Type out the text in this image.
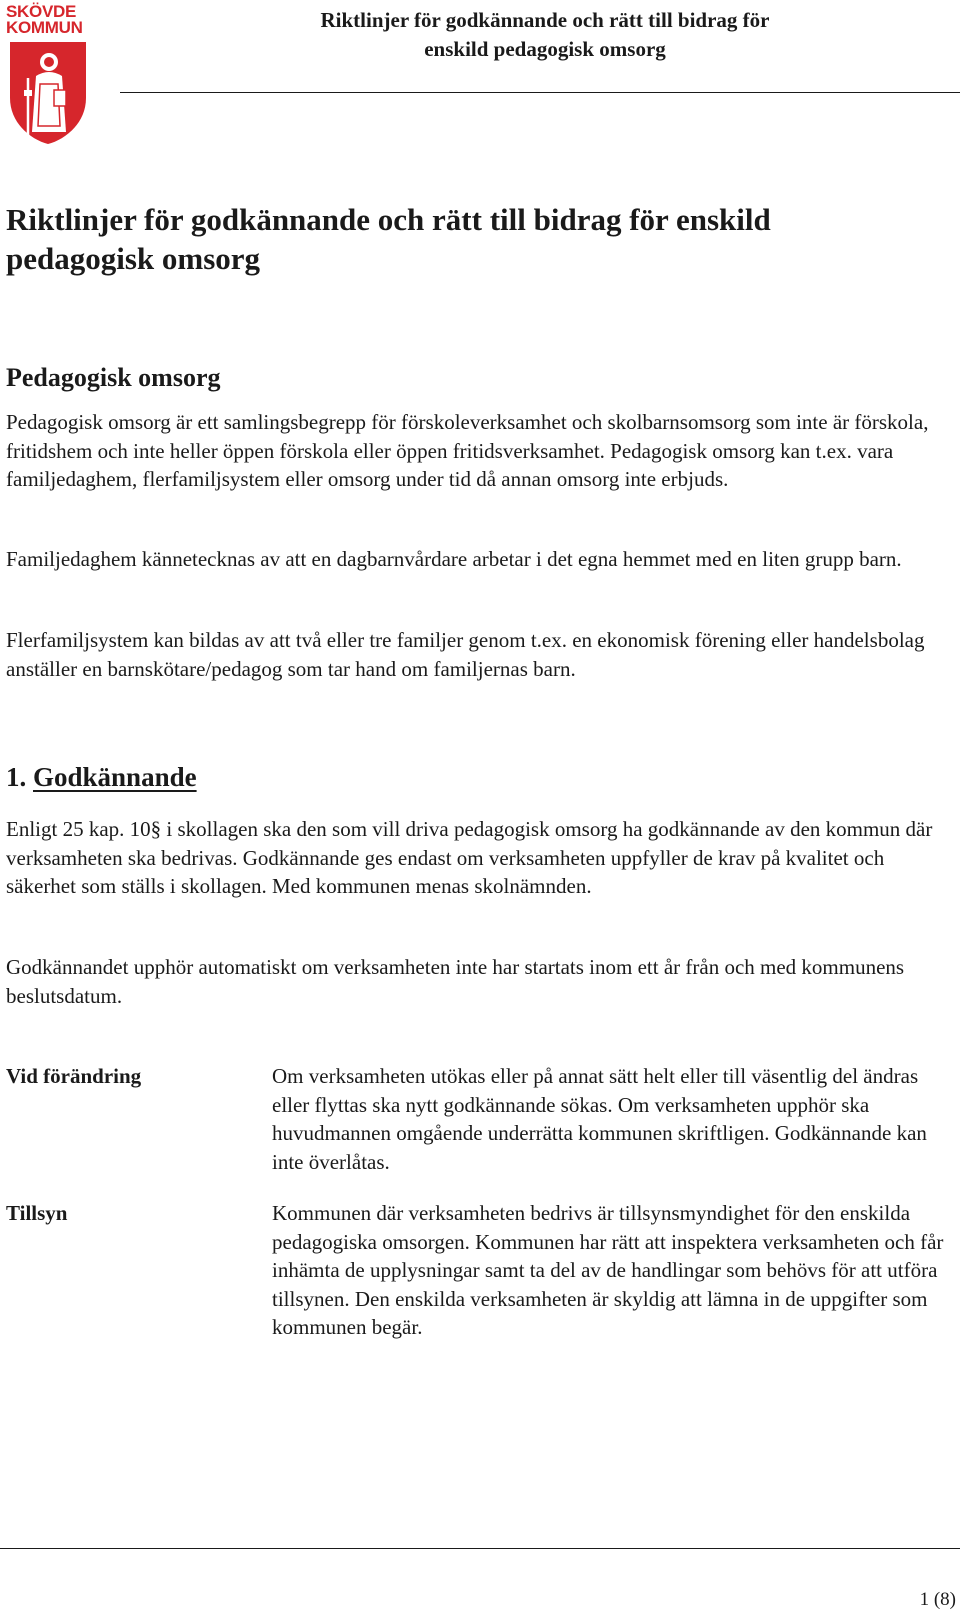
SKÖVDE
KOMMUN	Riktlinjer för godkännande och rätt till bidrag för
enskild pedagogisk omsorg
Riktlinjer för godkännande och rätt till bidrag för enskild pedagogisk omsorg
Pedagogisk omsorg

Pedagogisk omsorg är ett samlingsbegrepp för förskoleverksamhet och skolbarnsomsorg som inte är förskola, fritidshem och inte heller öppen förskola eller öppen fritidsverksamhet. Pedagogisk omsorg kan t.ex. vara familjedaghem, flerfamiljsystem eller omsorg under tid då annan omsorg inte erbjuds.

Familjedaghem kännetecknas av att en dagbarnvårdare arbetar i det egna hemmet med en liten grupp barn.

Flerfamiljsystem kan bildas av att två eller tre familjer genom t.ex. en ekonomisk förening eller handelsbolag anställer en barnskötare/pedagog som tar hand om familjernas barn.

1. Godkännande

Enligt 25 kap. 10§ i skollagen ska den som vill driva pedagogisk omsorg ha godkännande av den kommun där verksamheten ska bedrivas. Godkännande ges endast om verksamheten uppfyller de krav på kvalitet och säkerhet som ställs i skollagen. Med kommunen menas skolnämnden.

Godkännandet upphör automatiskt om verksamheten inte har startats inom ett år från och med kommunens beslutsdatum.

Vid förändring	Om verksamheten utökas eller på annat sätt helt eller till väsentlig del ändras eller flyttas ska nytt godkännande sökas. Om verksamheten upphör ska huvudmannen omgående underrätta kommunen skriftligen. Godkännande kan inte överlåtas.

Tillsyn	Kommunen där verksamheten bedrivs är tillsynsmyndighet för den enskilda pedagogiska omsorgen. Kommunen har rätt att inspektera verksamheten och får inhämta de upplysningar samt ta del av de handlingar som behövs för att utföra tillsynen. Den enskilda verksamheten är skyldig att lämna in de uppgifter som kommunen begär.

1 (8)
